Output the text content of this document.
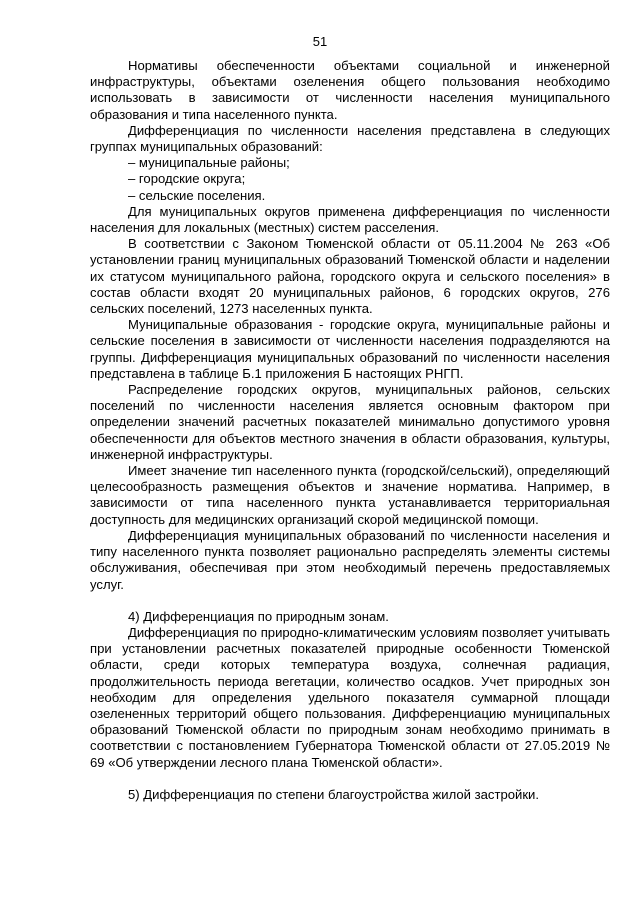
51

Нормативы обеспеченности объектами социальной и инженерной инфраструктуры, объектами озеленения общего пользования необходимо использовать в зависимости от численности населения муниципального образования и типа населенного пункта.

Дифференциация по численности населения представлена в следующих группах муниципальных образований:

– муниципальные районы;

– городские округа;

– сельские поселения.

Для муниципальных округов применена дифференциация по численности населения для локальных (местных) систем расселения.

В соответствии с Законом Тюменской области от 05.11.2004 № 263 «Об установлении границ муниципальных образований Тюменской области и наделении их статусом муниципального района, городского округа и сельского поселения» в состав области входят 20 муниципальных районов, 6 городских округов, 276 сельских поселений, 1273 населенных пункта.

Муниципальные образования - городские округа, муниципальные районы и сельские поселения в зависимости от численности населения подразделяются на группы. Дифференциация муниципальных образований по численности населения представлена в таблице Б.1 приложения Б настоящих РНГП.

Распределение городских округов, муниципальных районов, сельских поселений по численности населения является основным фактором при определении значений расчетных показателей минимально допустимого уровня обеспеченности для объектов местного значения в области образования, культуры, инженерной инфраструктуры.

Имеет значение тип населенного пункта (городской/сельский), определяющий целесообразность размещения объектов и значение норматива. Например, в зависимости от типа населенного пункта устанавливается территориальная доступность для медицинских организаций скорой медицинской помощи.

Дифференциация муниципальных образований по численности населения и типу населенного пункта позволяет рационально распределять элементы системы обслуживания, обеспечивая при этом необходимый перечень предоставляемых услуг.

4) Дифференциация по природным зонам.

Дифференциация по природно-климатическим условиям позволяет учитывать при установлении расчетных показателей природные особенности Тюменской области, среди которых температура воздуха, солнечная радиация, продолжительность периода вегетации, количество осадков. Учет природных зон необходим для определения удельного показателя суммарной площади озелененных территорий общего пользования. Дифференциацию муниципальных образований Тюменской области по природным зонам необходимо принимать в соответствии с постановлением Губернатора Тюменской области от 27.05.2019 № 69 «Об утверждении лесного плана Тюменской области».

5) Дифференциация по степени благоустройства жилой застройки.
